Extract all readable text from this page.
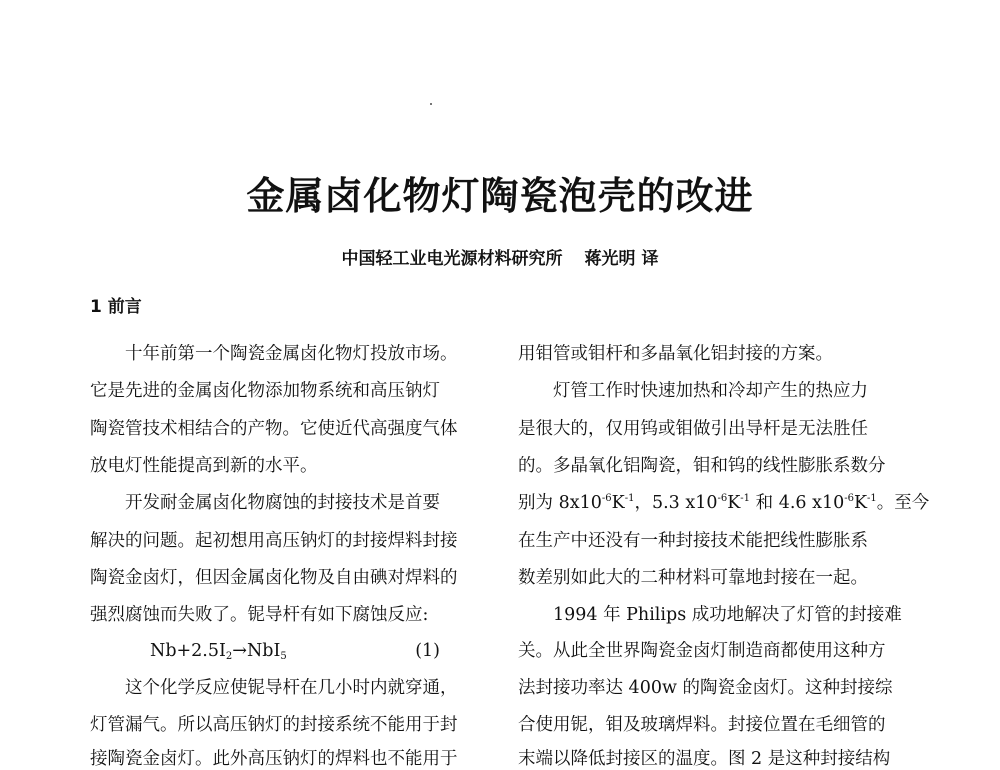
金属卤化物灯陶瓷泡壳的改进
中国轻工业电光源材料研究所 蒋光明 译
1 前言
十年前第一个陶瓷金属卤化物灯投放市场。
它是先进的金属卤化物添加物系统和高压钠灯
陶瓷管技术相结合的产物。它使近代高强度气体
放电灯性能提高到新的水平。
开发耐金属卤化物腐蚀的封接技术是首要
解决的问题。起初想用高压钠灯的封接焊料封接
陶瓷金卤灯，但因金属卤化物及自由碘对焊料的
强烈腐蚀而失败了。铌导杆有如下腐蚀反应:
$Nb+2.5I_2\to NbI_5$	(1)
这个化学反应使铌导杆在几小时内就穿通，
灯管漏气。所以高压钠灯的封接系统不能用于封
接陶瓷金卤灯。此外高压钠灯的焊料也不能用于
用钼管或钼杆和多晶氧化铝封接的方案。
灯管工作时快速加热和冷却产生的热应力
是很大的，仅用钨或钼做引出导杆是无法胜任
的。多晶氧化铝陶瓷，钼和钨的线性膨胀系数分
别为 $8x10^{-6}K^{-1}$，5.3 $x10^{-6}K^{-1}$ 和 4.6 $x10^{-6}K^{-1}$。至今
在生产中还没有一种封接技术能把线性膨胀系
数差别如此大的二种材料可靠地封接在一起。
1994 年 Philips 成功地解决了灯管的封接难
关。从此全世界陶瓷金卤灯制造商都使用这种方
法封接功率达 400w 的陶瓷金卤灯。这种封接综
合使用铌，钼及玻璃焊料。封接位置在毛细管的
末端以降低封接区的温度。图 2 是这种封接结构
